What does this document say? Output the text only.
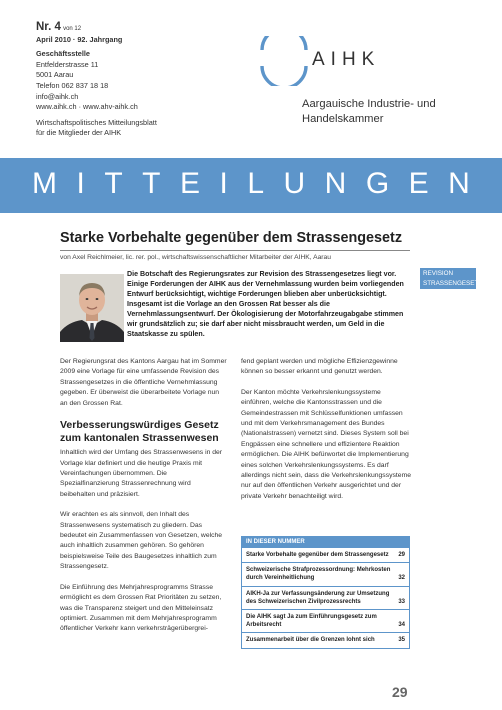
Nr. 4 von 12
April 2010 · 92. Jahrgang
Geschäftsstelle
Entfelderstrasse 11
5001 Aarau
Telefon 062 837 18 18
info@aihk.ch
www.aihk.ch · www.ahv-aihk.ch
Wirtschaftspolitisches Mitteilungsblatt
für die Mitglieder der AIHK
AIHK
Aargauische Industrie- und
Handelskammer
MITTEILUNGEN
Starke Vorbehalte gegenüber dem Strassengesetz
von Axel Reichlmeier, lic. rer. pol., wirtschaftswissenschaftlicher Mitarbeiter der AIHK, Aarau
REVISION
STRASSENGESETZ
Die Botschaft des Regierungsrates zur Revision des Strassengesetzes liegt vor. Einige Forderungen der AIHK aus der Vernehmlassung wurden beim vorliegenden Entwurf berücksichtigt, wichtige Forderungen blieben aber unberücksichtigt. Insgesamt ist die Vorlage an den Grossen Rat besser als die Vernehmlassungsentwurf. Der Ökologisierung der Motorfahrzeugabgabe stimmen wir grundsätzlich zu; sie darf aber nicht missbraucht werden, um Geld in die Staatskasse zu spülen.

Der Regierungsrat des Kantons Aargau hat im Sommer 2009 eine Vorlage für eine umfassende Revision des Strassengesetzes in die öffentliche Vernehmlassung gegeben. Er überweist die überarbeitete Vorlage nun an den Grossen Rat.

Verbesserungswürdiges Gesetz zum kantonalen Strassenwesen

Inhaltlich wird der Umfang des Strassenwesens in der Vorlage klar definiert und die heutige Praxis mit Vereinfachungen übernommen. Die Spezialfinanzierung Strassenrechnung wird beibehalten und präzisiert.

Wir erachten es als sinnvoll, den Inhalt des Strassenwesens systematisch zu gliedern. Das bedeutet ein Zusammenfassen von Gesetzen, welche auch inhaltlich zusammen gehören. So gehören beispielsweise Teile des Baugesetzes inhaltlich zum Strassengesetz.

Die Einführung des Mehrjahresprogramms Strasse ermöglicht es dem Grossen Rat Prioritäten zu setzen, was die Transparenz steigert und den Mitteleinsatz optimiert. Zusammen mit dem Mehrjahresprogramm öffentlicher Verkehr kann verkehrsträgerübergrei-

fend geplant werden und mögliche Effizienzgewinne können so besser erkannt und genutzt werden.

Der Kanton möchte Verkehrslenkungssysteme einführen, welche die Kantonsstrassen und die Gemeindestrassen mit Schlüsselfunktionen umfassen und mit dem Verkehrsmanagement des Bundes (Nationalstrassen) vernetzt sind. Dieses System soll bei Engpässen eine schnellere und effizientere Reaktion ermöglichen. Die AIHK befürwortet die Implementierung eines solchen Verkehrslenkungssystems. Es darf allerdings nicht sein, dass die Verkehrslenkungssysteme nur auf den öffentlichen Verkehr ausgerichtet und der private Verkehr benachteiligt wird.

IN DIESER NUMMER
Starke Vorbehalte gegenüber dem Strassengesetz	29
Schweizerische Strafprozessordnung: Mehrkosten durch Vereinheitlichung	32
AIKH-Ja zur Verfassungsänderung zur Umsetzung des Schweizerischen Zivilprozessrechts	33
Die AIHK sagt Ja zum Einführungsgesetz zum Arbeitsrecht	34
Zusammenarbeit über die Grenzen lohnt sich	35
29
